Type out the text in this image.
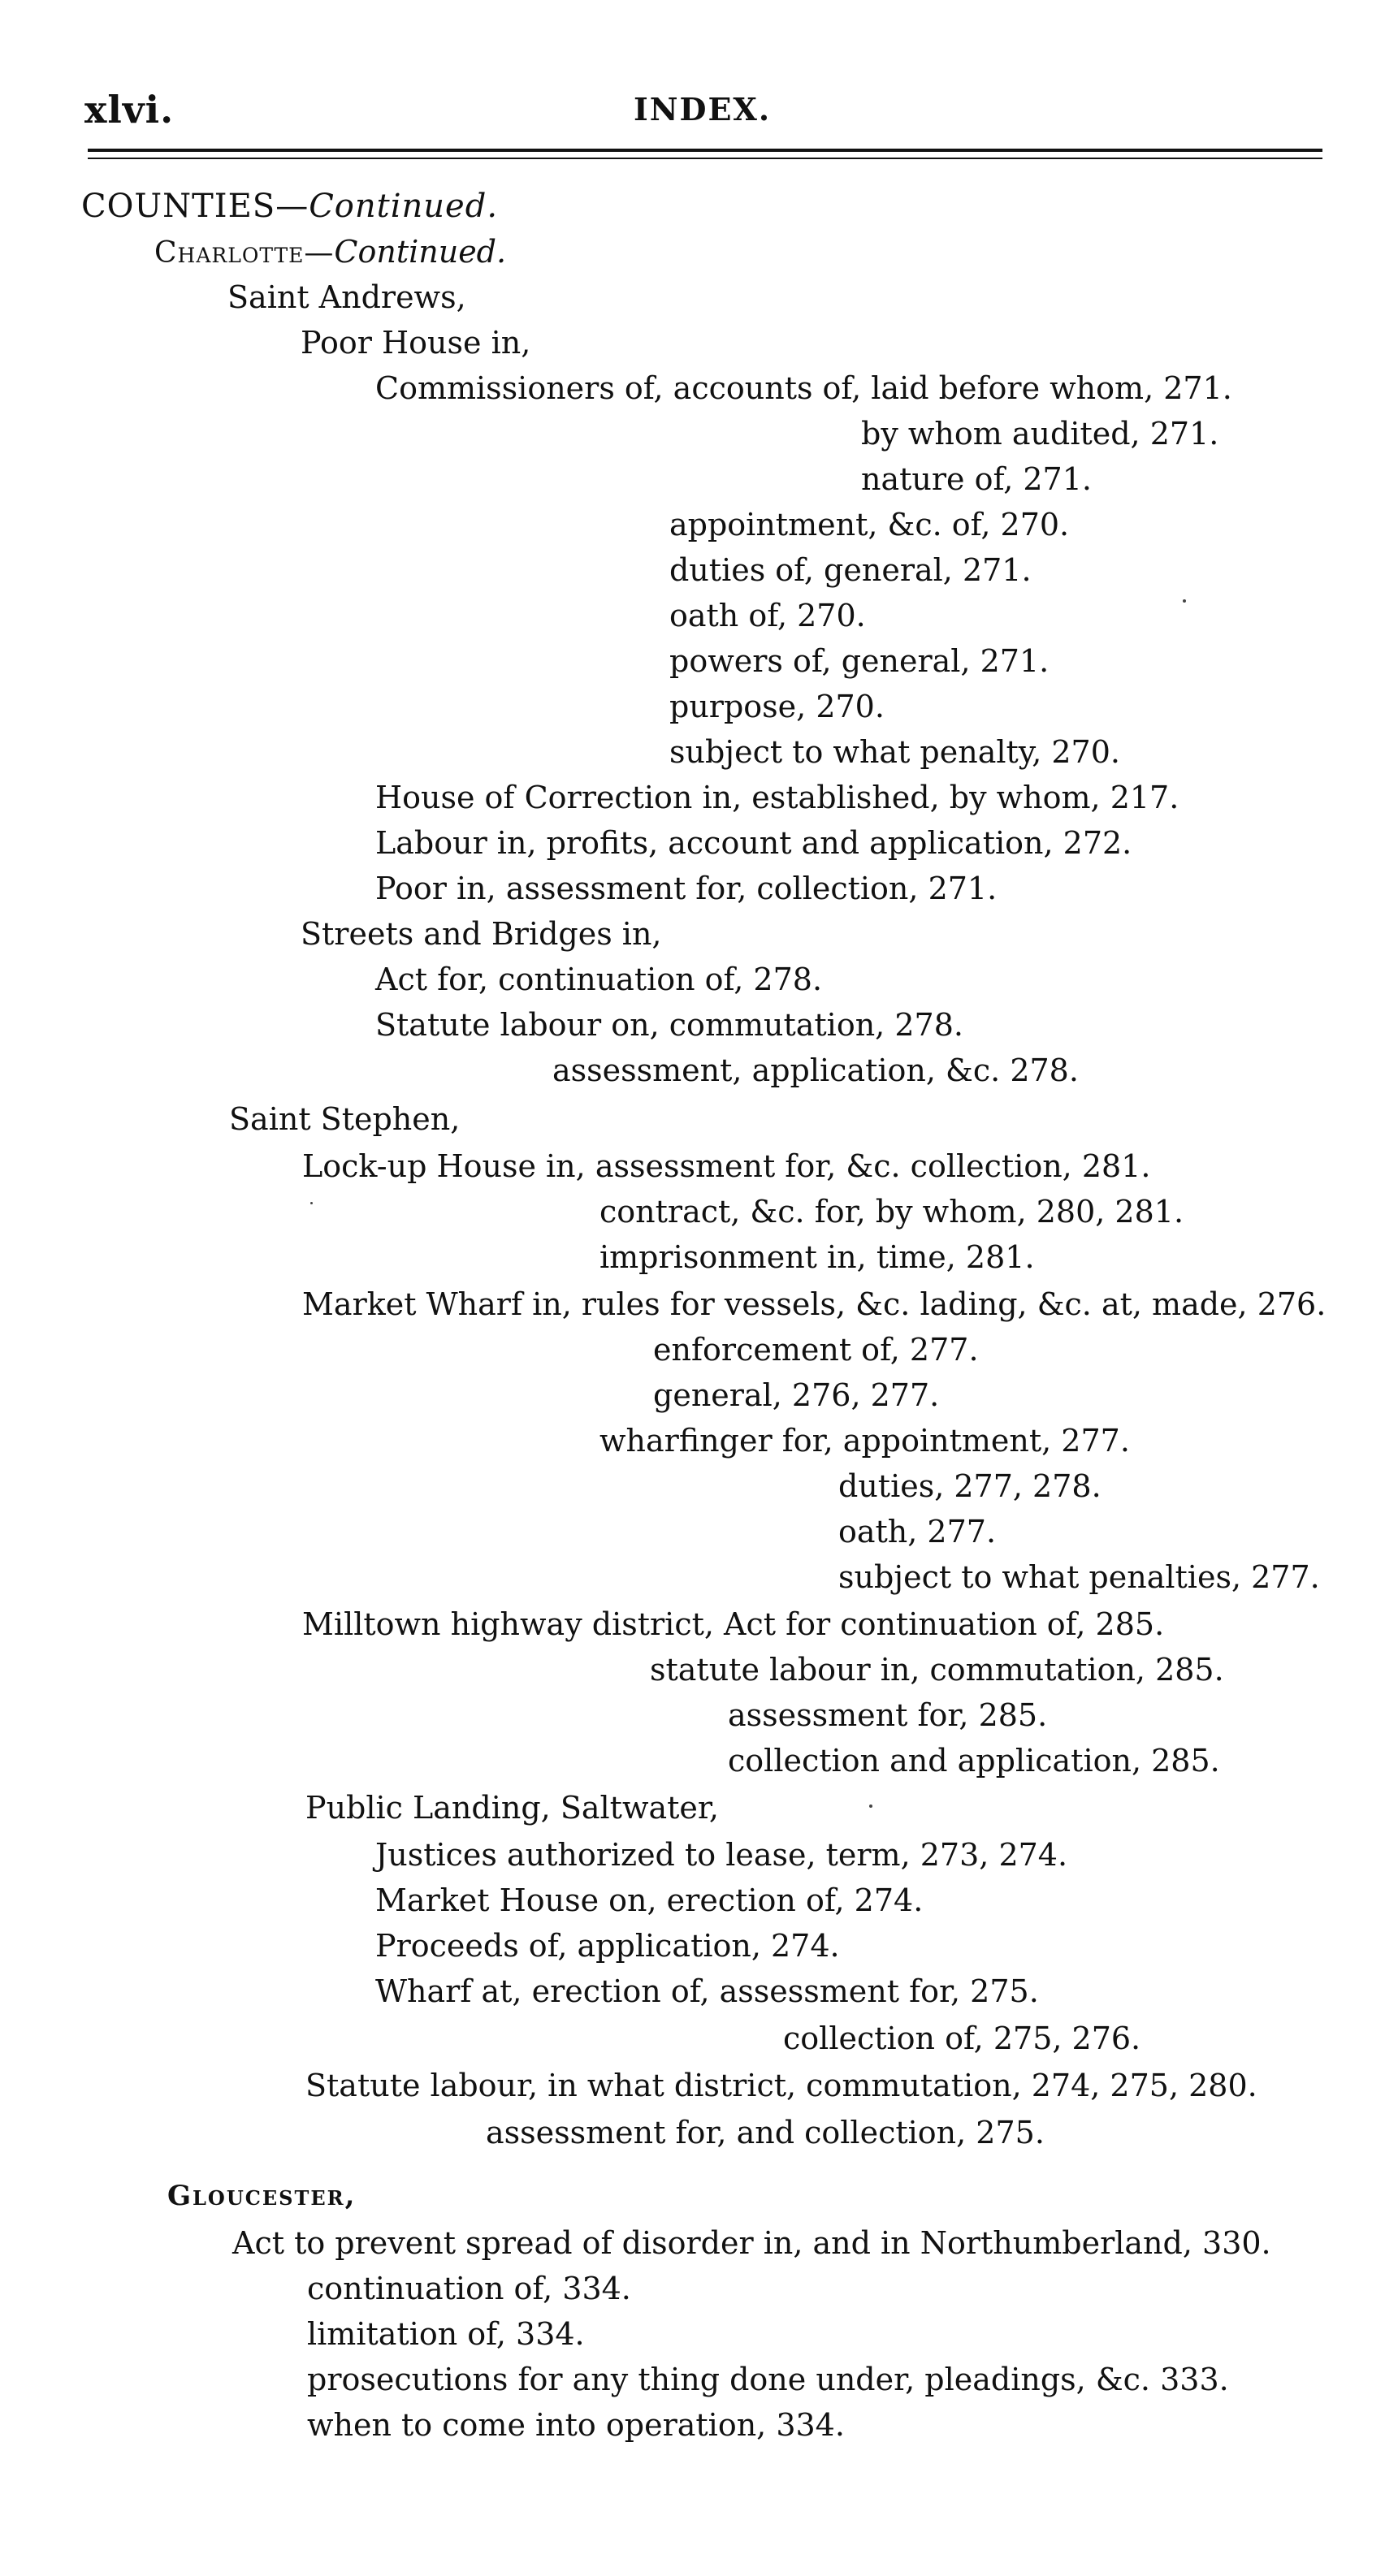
xlvi.	INDEX.
COUNTIES—Continued.
Charlotte—Continued.
Saint Andrews,
Poor House in,
Commissioners of, accounts of, laid before whom, 271.
by whom audited, 271.
nature of, 271.
appointment, &c. of, 270.
duties of, general, 271.
oath of, 270.
powers of, general, 271.
purpose, 270.
subject to what penalty, 270.
House of Correction in, established, by whom, 217.
Labour in, profits, account and application, 272.
Poor in, assessment for, collection, 271.
Streets and Bridges in,
Act for, continuation of, 278.
Statute labour on, commutation, 278.
assessment, application, &c. 278.
Saint Stephen,
Lock-up House in, assessment for, &c. collection, 281.
contract, &c. for, by whom, 280, 281.
imprisonment in, time, 281.
Market Wharf in, rules for vessels, &c. lading, &c. at, made, 276.
enforcement of, 277.
general, 276, 277.
wharfinger for, appointment, 277.
duties, 277, 278.
oath, 277.
subject to what penalties, 277.
Milltown highway district, Act for continuation of, 285.
statute labour in, commutation, 285.
assessment for, 285.
collection and application, 285.
Public Landing, Saltwater,
Justices authorized to lease, term, 273, 274.
Market House on, erection of, 274.
Proceeds of, application, 274.
Wharf at, erection of, assessment for, 275.
collection of, 275, 276.
Statute labour, in what district, commutation, 274, 275, 280.
assessment for, and collection, 275.
Gloucester,
Act to prevent spread of disorder in, and in Northumberland, 330.
continuation of, 334.
limitation of, 334.
prosecutions for any thing done under, pleadings, &c. 333.
when to come into operation, 334.
